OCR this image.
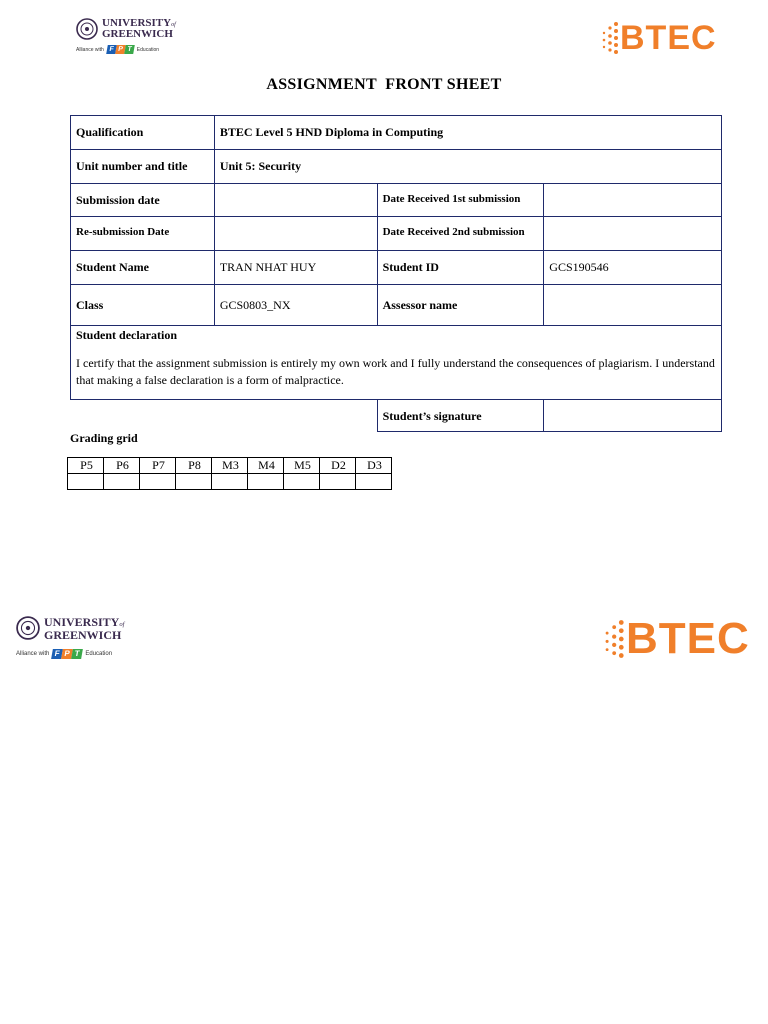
UNIVERSITYof
GREENWICH
Alliance with F P T Education	BTEC
ASSIGNMENT  FRONT SHEET
Qualification	BTEC Level 5 HND Diploma in Computing		
Unit number and title	Unit 5: Security		
Submission date		Date Received 1st submission	
Re-submission Date		Date Received 2nd submission	
Student Name	TRAN NHAT HUY	Student ID	GCS190546
Class	GCS0803_NX	Assessor name	

Student declaration
I certify that the assignment submission is entirely my own work and I fully understand the consequences of plagiarism. I understand that making a false declaration is a form of malpractice.			

		Student’s signature	
Grading grid
P5	P6	P7	P8	M3	M4	M5	D2	D3

UNIVERSITYof
GREENWICH
Alliance with F P T Education	BTEC
